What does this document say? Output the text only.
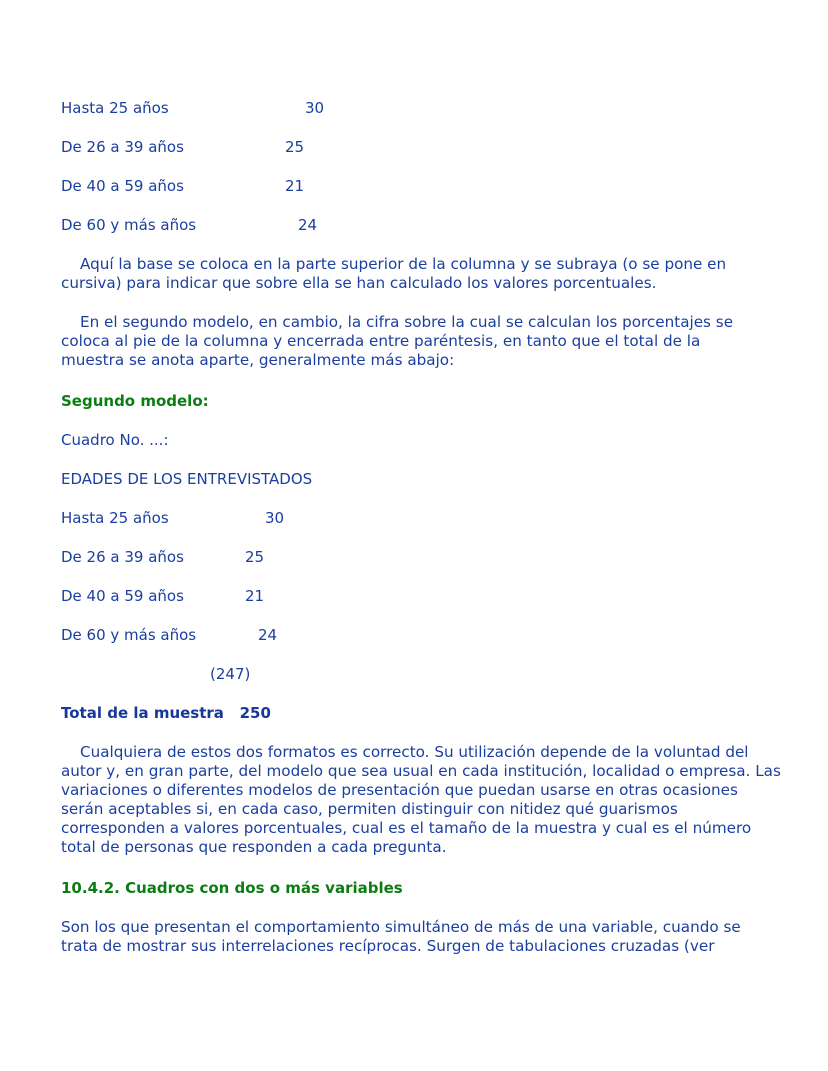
Hasta 25 años	30
De 26 a 39 años	25
De 40 a 59 años	21
De 60 y más años	24

Aquí la base se coloca en la parte superior de la columna y se subraya (o se pone en cursiva) para indicar que sobre ella se han calculado los valores porcentuales.

En el segundo modelo, en cambio, la cifra sobre la cual se calculan los porcentajes se coloca al pie de la columna y encerrada entre paréntesis, en tanto que el total de la muestra se anota aparte, generalmente más abajo:

Segundo modelo:
Cuadro No. ...:
EDADES DE LOS ENTREVISTADOS
Hasta 25 años	30
De 26 a 39 años	25
De 40 a 59 años	21
De 60 y más años	24
(247)
Total de la muestra   250

Cualquiera de estos dos formatos es correcto. Su utilización depende de la voluntad del autor y, en gran parte, del modelo que sea usual en cada institución, localidad o empresa. Las variaciones o diferentes modelos de presentación que puedan usarse en otras ocasiones serán aceptables si, en cada caso, permiten distinguir con nitidez qué guarismos corresponden a valores porcentuales, cual es el tamaño de la muestra y cual es el número total de personas que responden a cada pregunta.

10.4.2. Cuadros con dos o más variables

Son los que presentan el comportamiento simultáneo de más de una variable, cuando se trata de mostrar sus interrelaciones recíprocas. Surgen de tabulaciones cruzadas (ver
